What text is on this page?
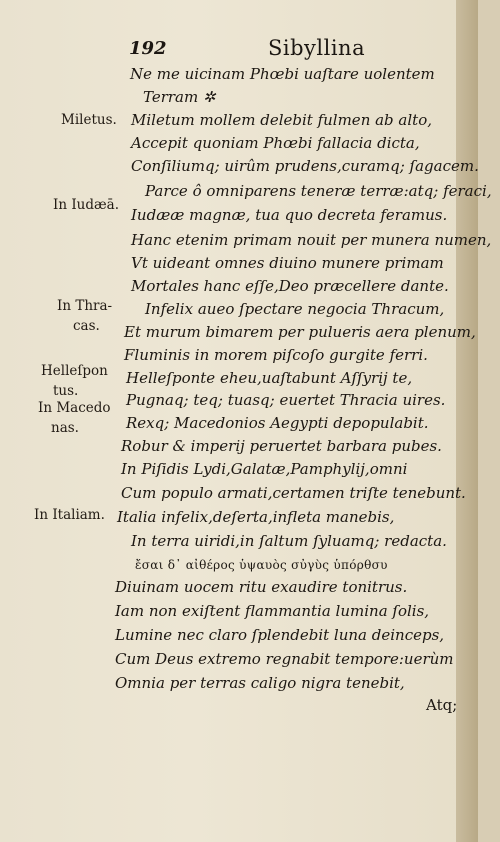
192	Sibyllina
Ne me uicinam Phœbi uaſtare uolentem
Terram ✲
Miletum mollem delebit fulmen ab alto,
Accepit quoniam Phœbi fallacia dicta,
Conſiliumq; uirûm prudens,curamq; ſagacem.
Parce ô omniparens teneræ terræ:atq; feraci,
Iudææ magnæ, tua quo decreta feramus.
Hanc etenim primam nouit per munera numen,
Vt uideant omnes diuino munere primam
Mortales hanc eſſe,Deo præcellere dante.
Infelix aueo ſpectare negocia Thracum,
Et murum bimarem per pulueris aera plenum,
Fluminis in morem piſcoſo gurgite ferri.
Helleſponte eheu,uaſtabunt Aſſyrij te,
Pugnaq; teq; tuasq; euertet Thracia uires.
Rexq; Macedonios Aegypti depopulabit.
Robur & imperij peruertet barbara pubes.
In Piſidis Lydi,Galatæ,Pamphylij,omni
Cum populo armati,certamen triſte tenebunt.
Italia infelix,deſerta,infleta manebis,
In terra uiridi,in ſaltum ſyluamq; redacta.
ἔσαι δ᾽ αἰθέρος ὑψαυὸς σὐγὺς ὑπόρθσυ
Diuinam uocem ritu exaudire tonitrus.
Iam non exiſtent flammantia lumina ſolis,
Lumine nec claro ſplendebit luna deinceps,
Cum Deus extremo regnabit tempore:uerùm
Omnia per terras caligo nigra tenebit,
Miletus.
In Iudæā.
In Thra-
cas.
Helleſpon
tus.
In Macedo
nas.
In Italiam.
Atq;
